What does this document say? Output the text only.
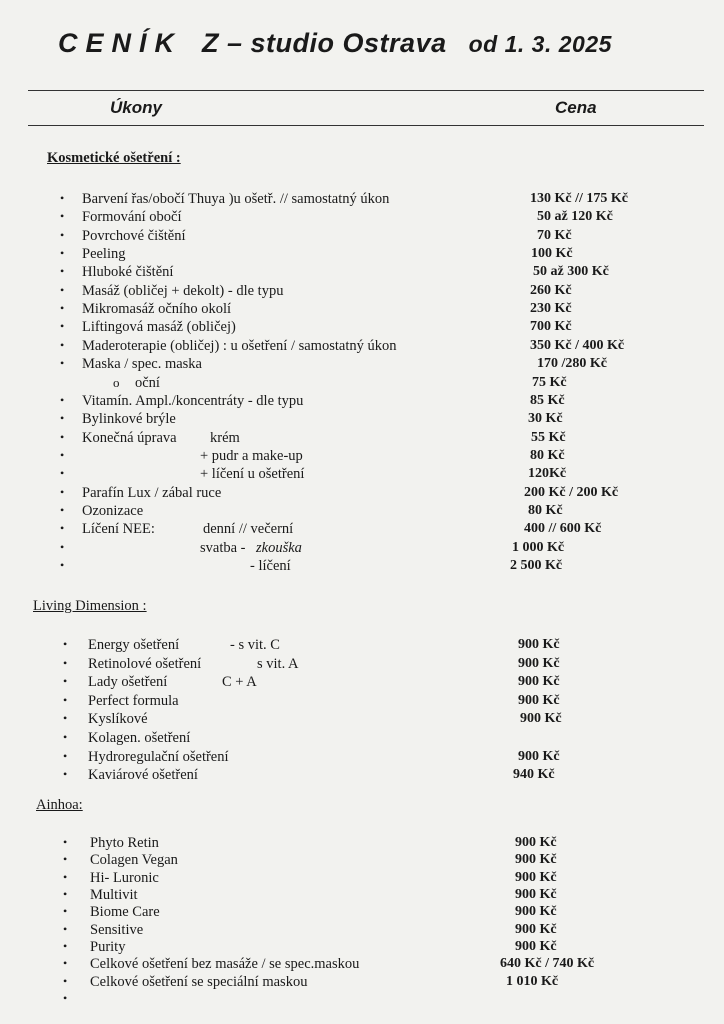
CENÍK Z – studio Ostrava od 1. 3. 2025
Úkony	Cena
Kosmetické ošetření :
• Barvení řas/obočí Thuya )u ošetř. // samostatný úkon	130 Kč // 175 Kč
• Formování obočí	50 až 120 Kč
• Povrchové čištění	70 Kč
• Peeling	100 Kč
• Hluboké čištění	50 až 300 Kč
• Masáž (obličej + dekolt) - dle typu	260 Kč
• Mikromasáž očního okolí	230 Kč
• Liftingová masáž (obličej)	700 Kč
• Maderoterapie (obličej) : u ošetření / samostatný úkon	350 Kč / 400 Kč
• Maska / spec. maska	170 /280 Kč
o oční	75 Kč
• Vitamín. Ampl./koncentráty - dle typu	85 Kč
• Bylinkové brýle	30 Kč
• Konečná úprava krém	55 Kč
•	+ pudr a make-up	80 Kč
•	+ líčení u ošetření	120Kč
• Parafín Lux / zábal ruce	200 Kč / 200 Kč
• Ozonizace	80 Kč
• Líčení NEE:	denní // večerní	400 // 600 Kč
•	svatba - zkouška	1 000 Kč
•	- líčení	2 500 Kč
Living Dimension :
• Energy ošetření	- s vit. C	900 Kč
• Retinolové ošetření	s vit. A	900 Kč
• Lady ošetření	C + A	900 Kč
• Perfect formula	900 Kč
• Kyslíkové	900 Kč
• Kolagen. ošetření
• Hydroregulační ošetření	900 Kč
• Kaviárové ošetření	940 Kč
Ainhoa:
• Phyto Retin	900 Kč
• Colagen Vegan	900 Kč
• Hi- Luronic	900 Kč
• Multivit	900 Kč
• Biome Care	900 Kč
• Sensitive	900 Kč
• Purity	900 Kč
• Celkové ošetření bez masáže / se spec.maskou	640 Kč / 740 Kč
• Celkové ošetření se speciální maskou	1 010 Kč
•
